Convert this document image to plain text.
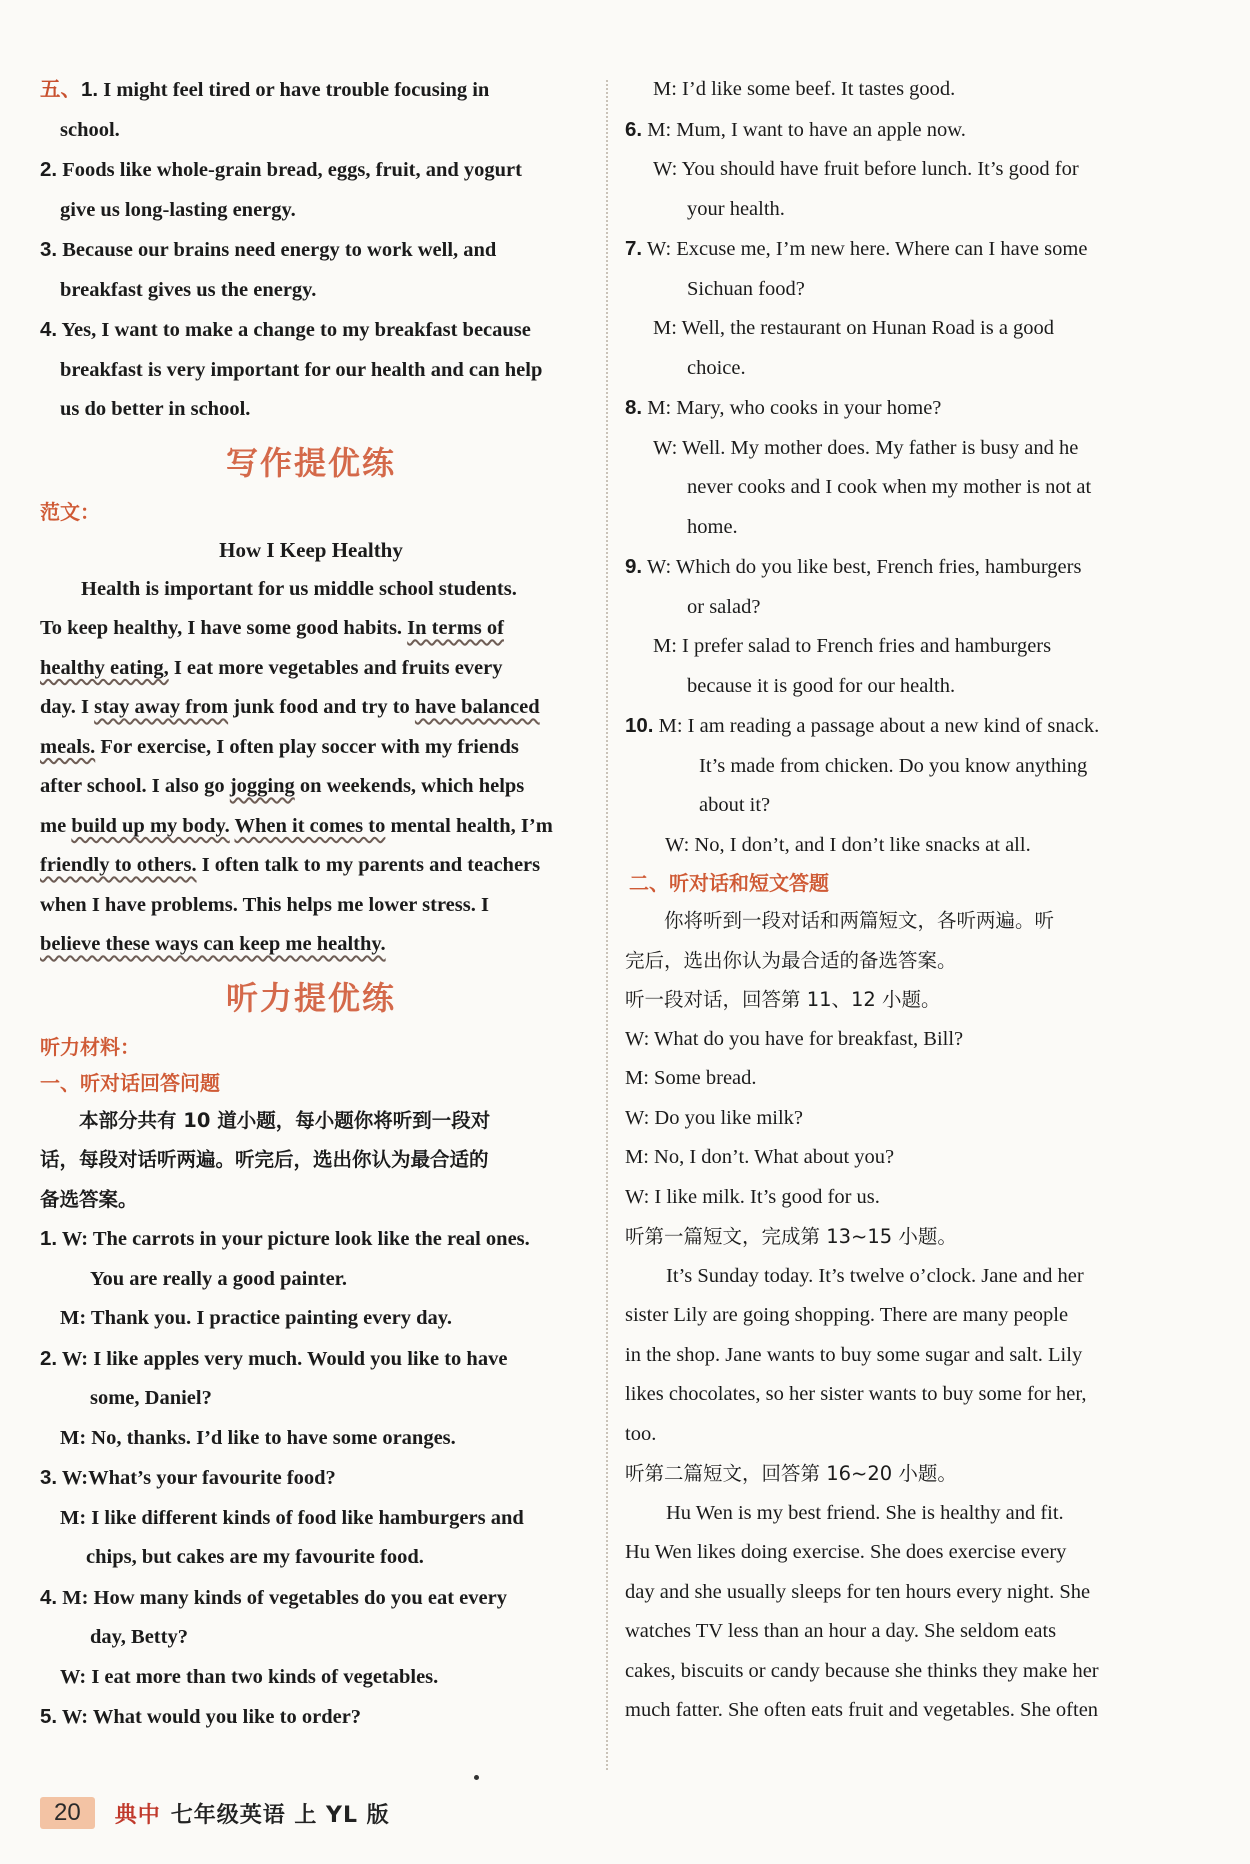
五、1. I might feel tired or have trouble focusing in

school.

2. Foods like whole-grain bread, eggs, fruit, and yogurt

give us long-lasting energy.

3. Because our brains need energy to work well, and

breakfast gives us the energy.

4. Yes, I want to make a change to my breakfast because

breakfast is very important for our health and can help

us do better in school.

写作提优练
范文：
How I Keep Healthy

Health is important for us middle school students.

To keep healthy, I have some good habits. In terms of

healthy eating, I eat more vegetables and fruits every

day. I stay away from junk food and try to have balanced

meals. For exercise, I often play soccer with my friends

after school. I also go jogging on weekends, which helps

me build up my body. When it comes to mental health, I’m

friendly to others. I often talk to my parents and teachers

when I have problems. This helps me lower stress. I

believe these ways can keep me healthy.

听力提优练
听力材料：
一、听对话回答问题

本部分共有 10 道小题，每小题你将听到一段对

话，每段对话听两遍。听完后，选出你认为最合适的

备选答案。

1. W: The carrots in your picture look like the real ones.

You are really a good painter.

M: Thank you. I practice painting every day.

2. W: I like apples very much. Would you like to have

some, Daniel?

M: No, thanks. I’d like to have some oranges.

3. W:What’s your favourite food?

M: I like different kinds of food like hamburgers and

chips, but cakes are my favourite food.

4. M: How many kinds of vegetables do you eat every

day, Betty?

W: I eat more than two kinds of vegetables.

5. W: What would you like to order?

M: I’d like some beef. It tastes good.

6. M: Mum, I want to have an apple now.

W: You should have fruit before lunch. It’s good for

your health.

7. W: Excuse me, I’m new here. Where can I have some

Sichuan food?

M: Well, the restaurant on Hunan Road is a good

choice.

8. M: Mary, who cooks in your home?

W: Well. My mother does. My father is busy and he

never cooks and I cook when my mother is not at

home.

9. W: Which do you like best, French fries, hamburgers

or salad?

M: I prefer salad to French fries and hamburgers

because it is good for our health.

10. M: I am reading a passage about a new kind of snack.

It’s made from chicken. Do you know anything

about it?

W: No, I don’t, and I don’t like snacks at all.

二、听对话和短文答题

你将听到一段对话和两篇短文，各听两遍。听

完后，选出你认为最合适的备选答案。

听一段对话，回答第 11、12 小题。

W: What do you have for breakfast, Bill?

M: Some bread.

W: Do you like milk?

M: No, I don’t. What about you?

W: I like milk. It’s good for us.

听第一篇短文，完成第 13~15 小题。

It’s Sunday today. It’s twelve o’clock. Jane and her

sister Lily are going shopping. There are many people

in the shop. Jane wants to buy some sugar and salt. Lily

likes chocolates, so her sister wants to buy some for her,

too.

听第二篇短文，回答第 16~20 小题。

Hu Wen is my best friend. She is healthy and fit.

Hu Wen likes doing exercise. She does exercise every

day and she usually sleeps for ten hours every night. She

watches TV less than an hour a day. She seldom eats

cakes, biscuits or candy because she thinks they make her

much fatter. She often eats fruit and vegetables. She often

20	典中 七年级英语 上 YL 版
